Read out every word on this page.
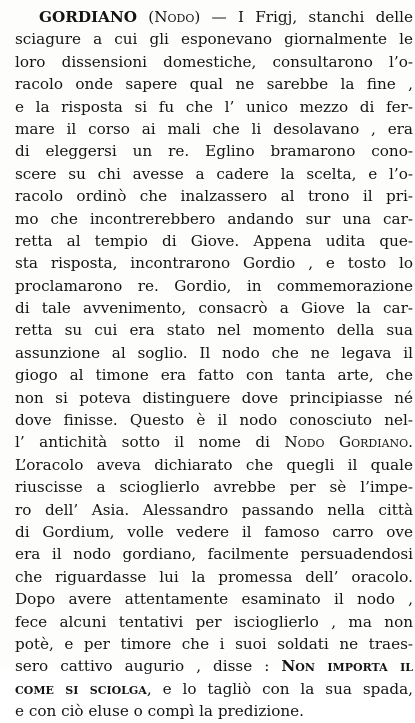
GORDIANO (Nodo) — I Frigj, stanchi delle
sciagure a cui gli esponevano giornalmente le
loro dissensioni domestiche, consultarono l’o-
racolo onde sapere qual ne sarebbe la fine ,
e la risposta si fu che l’ unico mezzo di fer-
mare il corso ai mali che li desolavano , era
di eleggersi un re. Eglino bramarono cono-
scere su chi avesse a cadere la scelta, e l’o-
racolo ordinò che inalzassero al trono il pri-
mo che incontrerebbero andando sur una car-
retta al tempio di Giove. Appena udita que-
sta risposta, incontrarono Gordio , e tosto lo
proclamarono re. Gordio, in commemorazione
di tale avvenimento, consacrò a Giove la car-
retta su cui era stato nel momento della sua
assunzione al soglio. Il nodo che ne legava il
giogo al timone era fatto con tanta arte, che
non si poteva distinguere dove principiasse né
dove finisse. Questo è il nodo conosciuto nel-
l’ antichità sotto il nome di Nodo Gordiano.
L’oracolo aveva dichiarato che quegli il quale
riuscisse a scioglierlo avrebbe per sè l’impe-
ro dell’ Asia. Alessandro passando nella città
di Gordium, volle vedere il famoso carro ove
era il nodo gordiano, facilmente persuadendosi
che riguardasse lui la promessa dell’ oracolo.
Dopo avere attentamente esaminato il nodo ,
fece alcuni tentativi per iscioglierlo , ma non
potè, e per timore che i suoi soldati ne traes-
sero cattivo augurio , disse : Non importa il
come si sciolga, e lo tagliò con la sua spada,
e con ciò eluse o compì la predizione.
